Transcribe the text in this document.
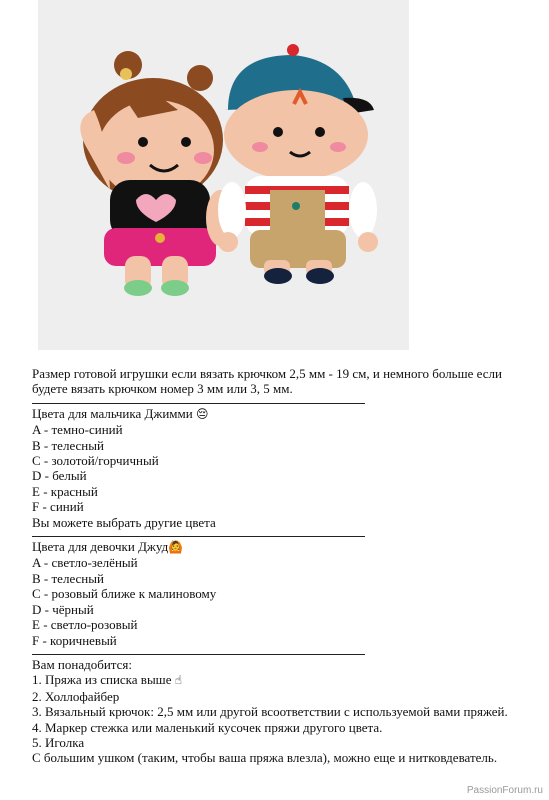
Размер готовой игрушки если вязать крючком 2,5 мм - 19 см, и немного больше если будете вязать крючком номер 3 мм или 3, 5 мм.

Цвета для мальчика Джимми 😔
A - темно-синий
B - телесный
C - золотой/горчичный
D - белый
E - красный
F - синий
Вы можете выбрать другие цвета
Цвета для девочки Джуд🙆
A - светло-зелёный
B - телесный
C - розовый ближе к малиновому
D - чёрный
E - светло-розовый
F - коричневый
Вам понадобится:
1. Пряжа из списка выше ☝
2. Холлофайбер
3. Вязальный крючок: 2,5 мм или другой всоответствии с используемой вами пряжей.
4. Маркер стежка или маленький кусочек пряжи другого цвета.
5. Иголка
С большим ушком (таким, чтобы ваша пряжа влезла), можно еще и нитковдеватель.
PassionForum.ru
